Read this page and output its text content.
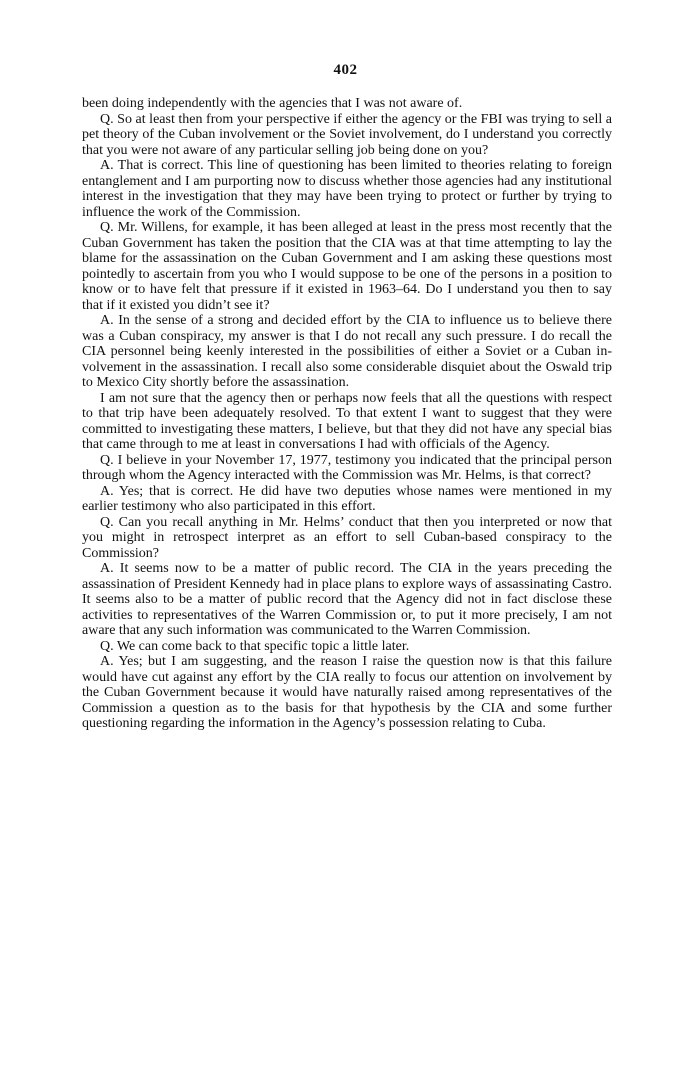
402

been doing independently with the agencies that I was not aware of.

Q. So at least then from your perspective if either the agency or the FBI was trying to sell a pet theory of the Cuban involvement or the Soviet involvement, do I understand you correctly that you were not aware of any particular selling job being done on you?

A. That is correct. This line of questioning has been limited to theories relating to foreign entanglement and I am purporting now to discuss whether those agencies had any institutional interest in the investigation that they may have been trying to protect or further by trying to influence the work of the Commission.

Q. Mr. Willens, for example, it has been alleged at least in the press most recently that the Cuban Government has taken the position that the CIA was at that time attempting to lay the blame for the assassination on the Cuban Government and I am asking these questions most pointedly to ascertain from you who I would suppose to be one of the persons in a position to know or to have felt that pressure if it existed in 1963–64. Do I understand you then to say that if it existed you didn’t see it?

A. In the sense of a strong and decided effort by the CIA to influence us to believe there was a Cuban conspiracy, my answer is that I do not recall any such pressure. I do recall the CIA personnel being keenly interested in the possibilities of either a Soviet or a Cuban involvement in the assassination. I recall also some considerable disquiet about the Oswald trip to Mexico City shortly before the assassination.

I am not sure that the agency then or perhaps now feels that all the questions with respect to that trip have been adequately resolved. To that extent I want to suggest that they were committed to investigating these matters, I believe, but that they did not have any special bias that came through to me at least in conversations I had with officials of the Agency.

Q. I believe in your November 17, 1977, testimony you indicated that the principal person through whom the Agency interacted with the Commission was Mr. Helms, is that correct?

A. Yes; that is correct. He did have two deputies whose names were mentioned in my earlier testimony who also participated in this effort.

Q. Can you recall anything in Mr. Helms’ conduct that then you interpreted or now that you might in retrospect interpret as an effort to sell Cuban-based conspiracy to the Commission?

A. It seems now to be a matter of public record. The CIA in the years preceding the assassination of President Kennedy had in place plans to explore ways of assassinating Castro. It seems also to be a matter of public record that the Agency did not in fact disclose these activities to representatives of the Warren Commission or, to put it more precisely, I am not aware that any such information was communicated to the Warren Commission.

Q. We can come back to that specific topic a little later.

A. Yes; but I am suggesting, and the reason I raise the question now is that this failure would have cut against any effort by the CIA really to focus our attention on involvement by the Cuban Government because it would have naturally raised among representatives of the Commission a question as to the basis for that hypothesis by the CIA and some further questioning regarding the information in the Agency’s possession relating to Cuba.
